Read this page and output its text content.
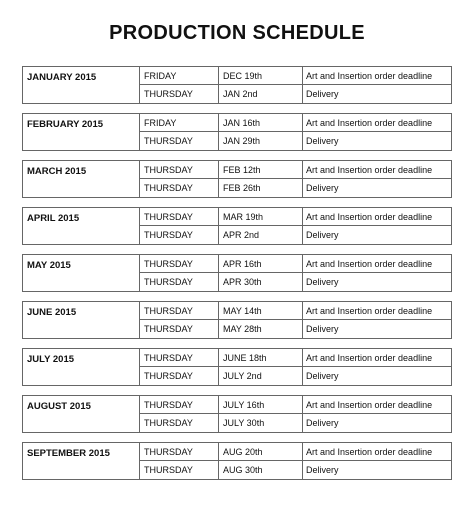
PRODUCTION SCHEDULE
JANUARY 2015	FRIDAY	DEC 19th	Art and Insertion order deadline
THURSDAY	JAN 2nd	Delivery
FEBRUARY 2015	FRIDAY	JAN 16th	Art and Insertion order deadline
THURSDAY	JAN 29th	Delivery
MARCH 2015	THURSDAY	FEB 12th	Art and Insertion order deadline
THURSDAY	FEB 26th	Delivery
APRIL 2015	THURSDAY	MAR 19th	Art and Insertion order deadline
THURSDAY	APR 2nd	Delivery
MAY 2015	THURSDAY	APR 16th	Art and Insertion order deadline
THURSDAY	APR 30th	Delivery
JUNE 2015	THURSDAY	MAY 14th	Art and Insertion order deadline
THURSDAY	MAY 28th	Delivery
JULY 2015	THURSDAY	JUNE 18th	Art and Insertion order deadline
THURSDAY	JULY 2nd	Delivery
AUGUST 2015	THURSDAY	JULY 16th	Art and Insertion order deadline
THURSDAY	JULY 30th	Delivery
SEPTEMBER 2015	THURSDAY	AUG 20th	Art and Insertion order deadline
THURSDAY	AUG 30th	Delivery
